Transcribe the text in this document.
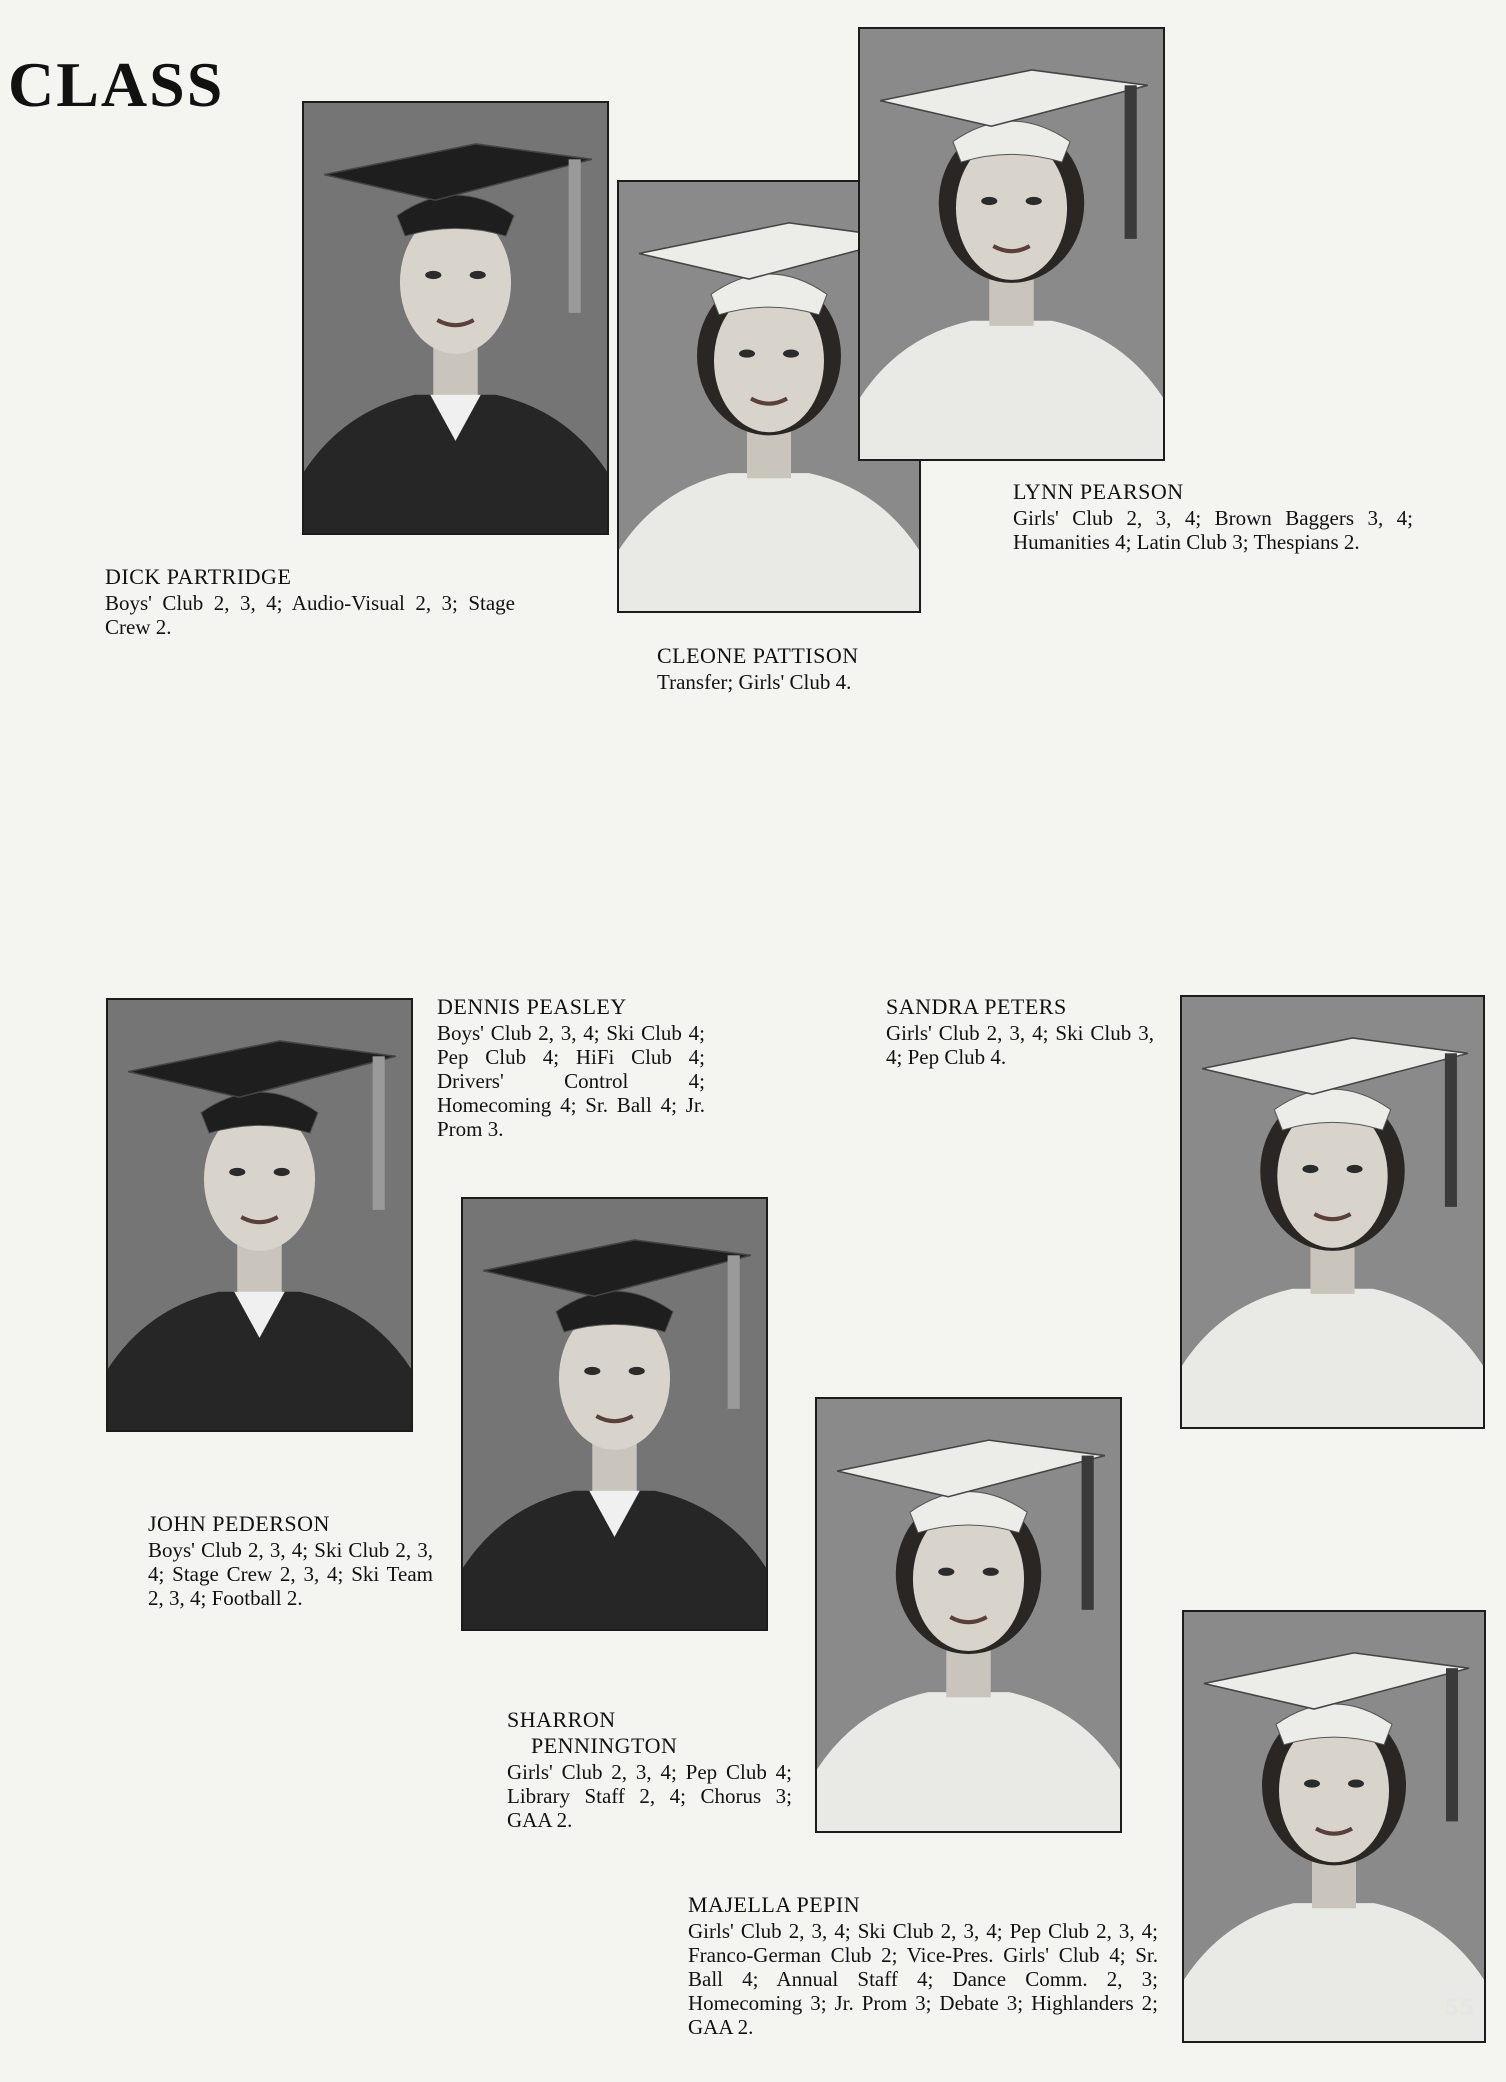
CLASS
DICK PARTRIDGE
Boys' Club 2, 3, 4; Audio-Visual 2, 3; Stage Crew 2.
CLEONE PATTISON
Transfer; Girls' Club 4.
LYNN PEARSON
Girls' Club 2, 3, 4; Brown Baggers 3, 4; Humanities 4; Latin Club 3; Thespians 2.
DENNIS PEASLEY
Boys' Club 2, 3, 4; Ski Club 4; Pep Club 4; HiFi Club 4; Drivers' Control 4; Homecoming 4; Sr. Ball 4; Jr. Prom 3.
SANDRA PETERS
Girls' Club 2, 3, 4; Ski Club 3, 4; Pep Club 4.
JOHN PEDERSON
Boys' Club 2, 3, 4; Ski Club 2, 3, 4; Stage Crew 2, 3, 4; Ski Team 2, 3, 4; Football 2.
SHARRON
PENNINGTON
Girls' Club 2, 3, 4; Pep Club 4; Library Staff 2, 4; Chorus 3; GAA 2.
MAJELLA PEPIN
Girls' Club 2, 3, 4; Ski Club 2, 3, 4; Pep Club 2, 3, 4; Franco-German Club 2; Vice-Pres. Girls' Club 4; Sr. Ball 4; Annual Staff 4; Dance Comm. 2, 3; Homecoming 3; Jr. Prom 3; Debate 3; Highlanders 2; GAA 2.
55
